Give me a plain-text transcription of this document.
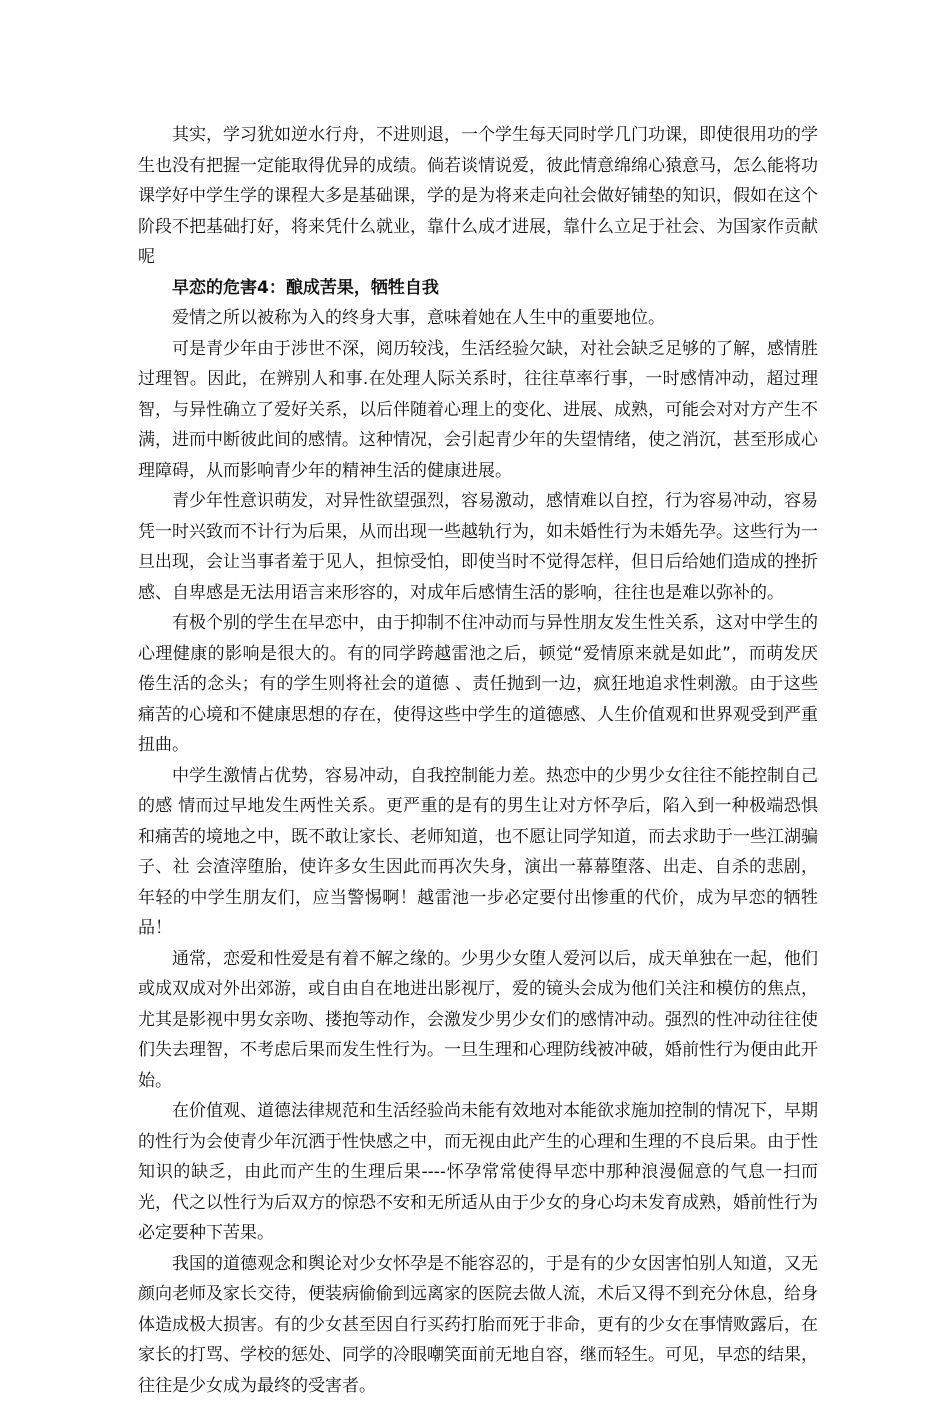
其实，学习犹如逆水行舟，不进则退，一个学生每天同时学几门功课，即使很用功的学生也没有把握一定能取得优异的成绩。倘若谈情说爱，彼此情意绵绵心猿意马，怎么能将功课学好中学生学的课程大多是基础课，学的是为将来走向社会做好铺垫的知识，假如在这个阶段不把基础打好，将来凭什么就业，靠什么成才进展，靠什么立足于社会、为国家作贡献呢

早恋的危害4：酿成苦果，牺牲自我

爱情之所以被称为入的终身大事，意味着她在人生中的重要地位。

可是青少年由于涉世不深，阅历较浅，生活经验欠缺，对社会缺乏足够的了解，感情胜过理智。因此，在辨别人和事.在处理人际关系时，往往草率行事，一时感情冲动，超过理智，与异性确立了爱好关系，以后伴随着心理上的变化、进展、成熟，可能会对对方产生不满，进而中断彼此间的感情。这种情况，会引起青少年的失望情绪，使之消沉，甚至形成心理障碍，从而影响青少年的精神生活的健康进展。

青少年性意识萌发，对异性欲望强烈，容易激动，感情难以自控，行为容易冲动，容易凭一时兴致而不计行为后果，从而出现一些越轨行为，如未婚性行为未婚先孕。这些行为一旦出现，会让当事者羞于见人，担惊受怕，即使当时不觉得怎样，但日后给她们造成的挫折感、自卑感是无法用语言来形容的，对成年后感情生活的影响，往往也是难以弥补的。

有极个别的学生在早恋中，由于抑制不住冲动而与异性朋友发生性关系，这对中学生的心理健康的影响是很大的。有的同学跨越雷池之后，顿觉“爱情原来就是如此”，而萌发厌倦生活的念头；有的学生则将社会的道德 、责任抛到一边，疯狂地追求性刺激。由于这些痛苦的心境和不健康思想的存在，使得这些中学生的道德感、人生价值观和世界观受到严重扭曲。

中学生激情占优势，容易冲动，自我控制能力差。热恋中的少男少女往往不能控制自己的感 情而过早地发生两性关系。更严重的是有的男生让对方怀孕后，陷入到一种极端恐惧和痛苦的境地之中，既不敢让家长、老师知道，也不愿让同学知道，而去求助于一些江湖骗子、社 会渣滓堕胎，使许多女生因此而再次失身，演出一幕幕堕落、出走、自杀的悲剧，年轻的中学生朋友们，应当警惕啊！越雷池一步必定要付出惨重的代价，成为早恋的牺牲品！

通常，恋爱和性爱是有着不解之缘的。少男少女堕人爱河以后，成天单独在一起，他们或成双成对外出郊游，或自由自在地进出影视厅，爱的镜头会成为他们关注和模仿的焦点，尤其是影视中男女亲吻、搂抱等动作，会激发少男少女们的感情冲动。强烈的性冲动往往使们失去理智，不考虑后果而发生性行为。一旦生理和心理防线被冲破，婚前性行为便由此开始。

在价值观、道德法律规范和生活经验尚未能有效地对本能欲求施加控制的情况下，早期的性行为会使青少年沉洒于性快感之中，而无视由此产生的心理和生理的不良后果。由于性知识的缺乏，由此而产生的生理后果----怀孕常常使得早恋中那种浪漫倔意的气息一扫而光，代之以性行为后双方的惊恐不安和无所适从由于少女的身心均未发育成熟，婚前性行为必定要种下苦果。

我国的道德观念和舆论对少女怀孕是不能容忍的，于是有的少女因害怕别人知道，又无颜向老师及家长交待，便装病偷偷到远离家的医院去做人流，术后又得不到充分休息，给身体造成极大损害。有的少女甚至因自行买药打胎而死于非命，更有的少女在事情败露后，在家长的打骂、学校的惩处、同学的冷眼嘲笑面前无地自容，继而轻生。可见，早恋的结果，往往是少女成为最终的受害者。
